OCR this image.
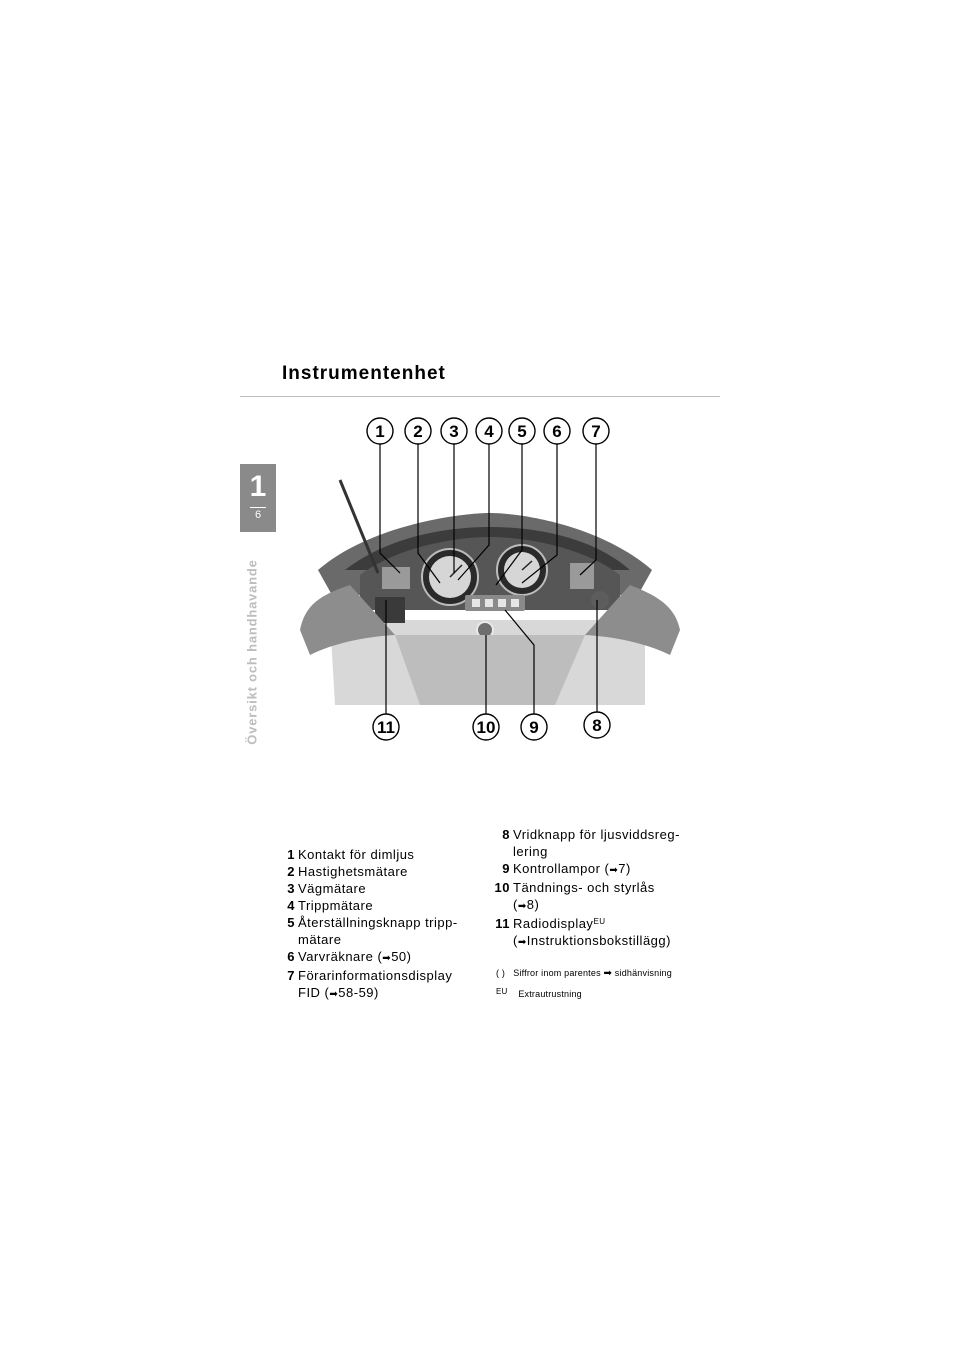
Instrumentenhet
1
6
Översikt och handhavande
1 2 3 4 5 6 7
11	10 9	8
1 Kontakt för dimljus
2 Hastighetsmätare
3 Vägmätare
4 Trippmätare
5 Återställningsknapp tripp-
mätare
6 Varvräknare (➡50)
7 Förarinformationsdisplay
FID (➡58-59)
8 Vridknapp för ljusviddsreg-
lering
9 Kontrollampor (➡7)
10 Tändnings- och styrlås
(➡8)
11 Radiodisplay$^{EU}$
(➡Instruktionsbokstillägg)
( ) Siffror inom parentes ➡ sidhänvisning
EU Extrautrustning
